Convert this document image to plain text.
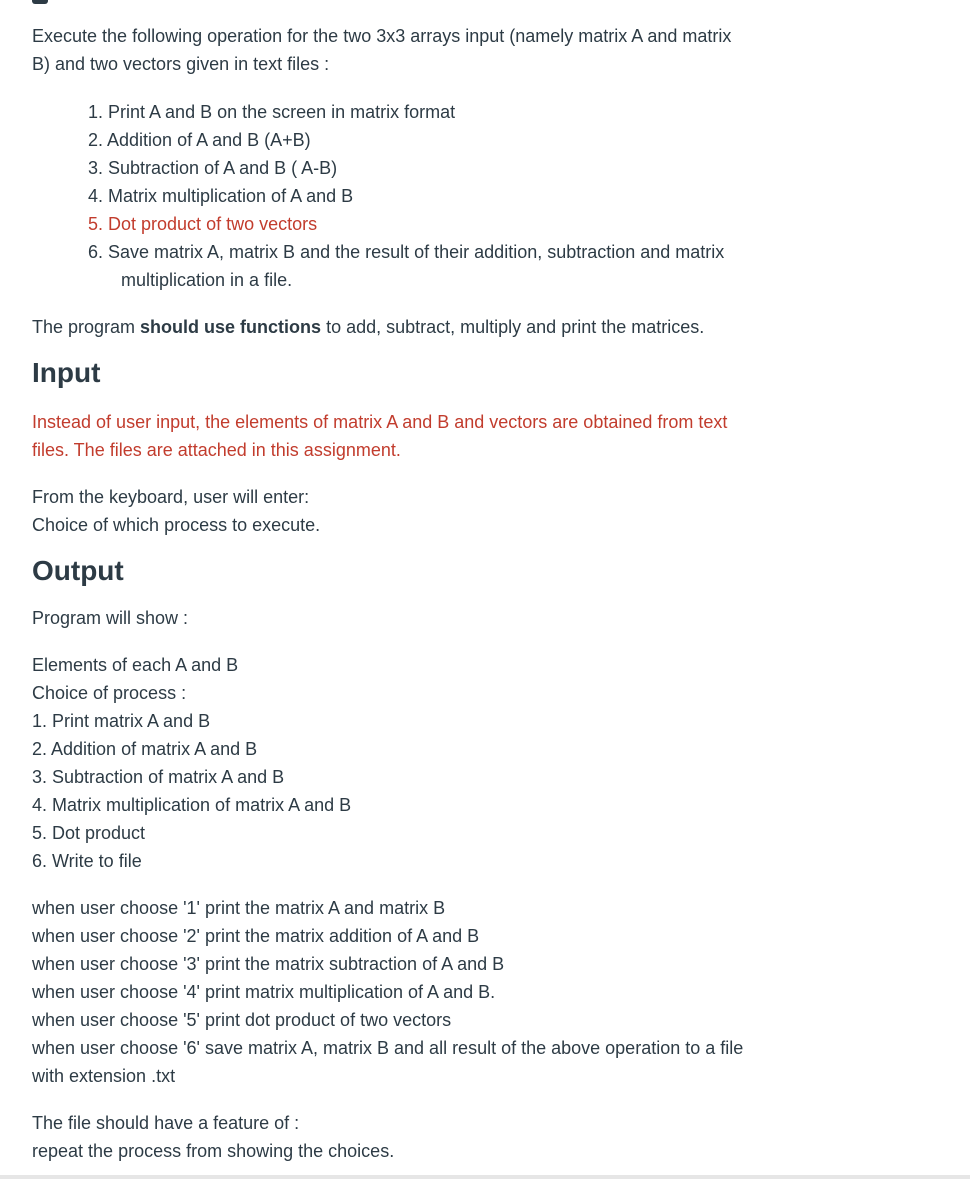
Execute the following operation for the two 3x3 arrays input (namely matrix A and matrix B) and two vectors given in text files :

1. Print A and B on the screen in matrix format
2. Addition of A and B (A+B)
3. Subtraction of A and B ( A-B)
4. Matrix multiplication of A and B
5. Dot product of two vectors
6. Save matrix A, matrix B and the result of their addition, subtraction and matrix multiplication in a file.

The program should use functions to add, subtract, multiply and print the matrices.

Input

Instead of user input, the elements of matrix A and B and vectors are obtained from text files. The files are attached in this assignment.

From the keyboard, user will enter:
Choice of which process to execute.

Output

Program will show :

Elements of each A and B
Choice of process :
1. Print matrix A and B
2. Addition of matrix A and B
3. Subtraction of matrix A and B
4. Matrix multiplication of matrix A and B
5. Dot product
6. Write to file
when user choose '1' print the matrix A and matrix B
when user choose '2' print the matrix addition of A and B
when user choose '3' print the matrix subtraction of A and B
when user choose '4' print matrix multiplication of A and B.
when user choose '5' print dot product of two vectors
when user choose '6' save matrix A, matrix B and all result of the above operation to a file with extension .txt
The file should have a feature of :
repeat the process from showing the choices.
